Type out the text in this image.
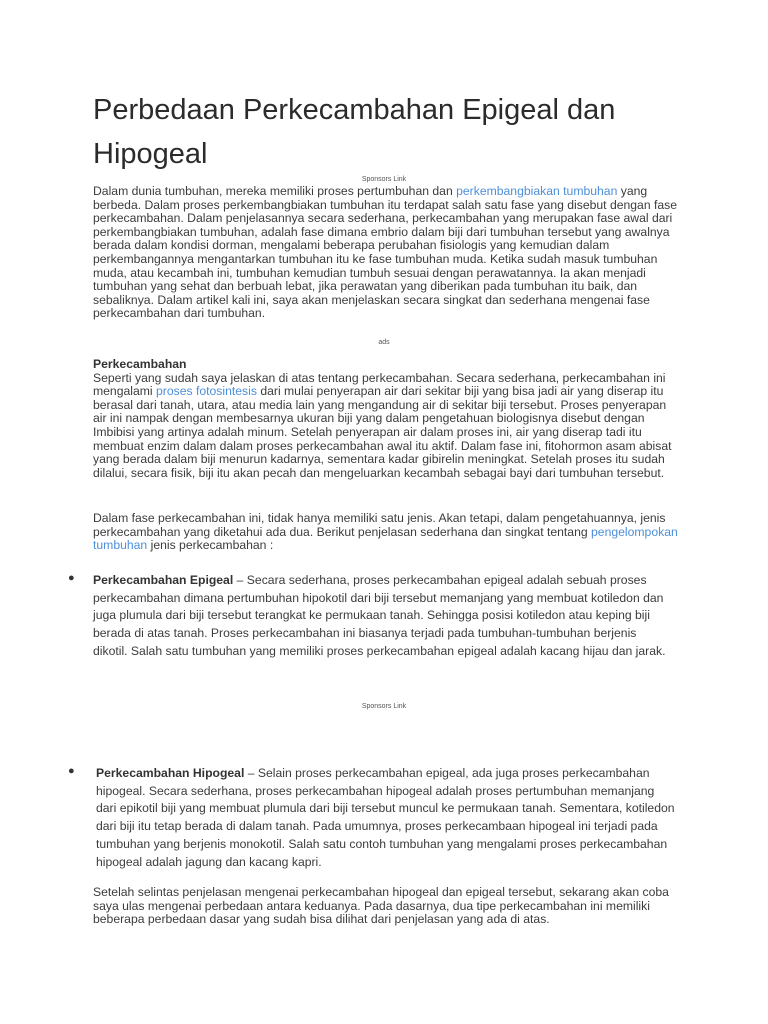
Perbedaan Perkecambahan Epigeal dan Hipogeal
Sponsors Link

Dalam dunia tumbuhan, mereka memiliki proses pertumbuhan dan perkembangbiakan tumbuhan yang berbeda. Dalam proses perkembangbiakan tumbuhan itu terdapat salah satu fase yang disebut dengan fase perkecambahan. Dalam penjelasannya secara sederhana, perkecambahan yang merupakan fase awal dari perkembangbiakan tumbuhan, adalah fase dimana embrio dalam biji dari tumbuhan tersebut yang awalnya berada dalam kondisi dorman, mengalami beberapa perubahan fisiologis yang kemudian dalam perkembangannya mengantarkan tumbuhan itu ke fase tumbuhan muda. Ketika sudah masuk tumbuhan muda, atau kecambah ini, tumbuhan kemudian tumbuh sesuai dengan perawatannya. Ia akan menjadi tumbuhan yang sehat dan berbuah lebat, jika perawatan yang diberikan pada tumbuhan itu baik, dan sebaliknya. Dalam artikel kali ini, saya akan menjelaskan secara singkat dan sederhana mengenai fase perkecambahan dari tumbuhan.

ads

Perkecambahan

Seperti yang sudah saya jelaskan di atas tentang perkecambahan. Secara sederhana, perkecambahan ini mengalami proses fotosintesis dari mulai penyerapan air dari sekitar biji yang bisa jadi air yang diserap itu berasal dari tanah, utara, atau media lain yang mengandung air di sekitar biji tersebut. Proses penyerapan air ini nampak dengan membesarnya ukuran biji yang dalam pengetahuan biologisnya disebut dengan Imbibisi yang artinya adalah minum. Setelah penyerapan air dalam proses ini, air yang diserap tadi itu membuat enzim dalam dalam proses perkecambahan awal itu aktif. Dalam fase ini, fitohormon asam abisat yang berada dalam biji menurun kadarnya, sementara kadar gibirelin meningkat. Setelah proses itu sudah dilalui, secara fisik, biji itu akan pecah dan mengeluarkan kecambah sebagai bayi dari tumbuhan tersebut.

Dalam fase perkecambahan ini, tidak hanya memiliki satu jenis. Akan tetapi, dalam pengetahuannya, jenis perkecambahan yang diketahui ada dua. Berikut penjelasan sederhana dan singkat tentang pengelompokan tumbuhan jenis perkecambahan :

● Perkecambahan Epigeal – Secara sederhana, proses perkecambahan epigeal adalah sebuah proses perkecambahan dimana pertumbuhan hipokotil dari biji tersebut memanjang yang membuat kotiledon dan juga plumula dari biji tersebut terangkat ke permukaan tanah. Sehingga posisi kotiledon atau keping biji berada di atas tanah. Proses perkecambahan ini biasanya terjadi pada tumbuhan-tumbuhan berjenis dikotil. Salah satu tumbuhan yang memiliki proses perkecambahan epigeal adalah kacang hijau dan jarak.
Sponsors Link
● Perkecambahan Hipogeal – Selain proses perkecambahan epigeal, ada juga proses perkecambahan hipogeal. Secara sederhana, proses perkecambahan hipogeal adalah proses pertumbuhan memanjang dari epikotil biji yang membuat plumula dari biji tersebut muncul ke permukaan tanah. Sementara, kotiledon dari biji itu tetap berada di dalam tanah. Pada umumnya, proses perkecambaan hipogeal ini terjadi pada tumbuhan yang berjenis monokotil. Salah satu contoh tumbuhan yang mengalami proses perkecambahan hipogeal adalah jagung dan kacang kapri.

Setelah selintas penjelasan mengenai perkecambahan hipogeal dan epigeal tersebut, sekarang akan coba saya ulas mengenai perbedaan antara keduanya. Pada dasarnya, dua tipe perkecambahan ini memiliki beberapa perbedaan dasar yang sudah bisa dilihat dari penjelasan yang ada di atas.
